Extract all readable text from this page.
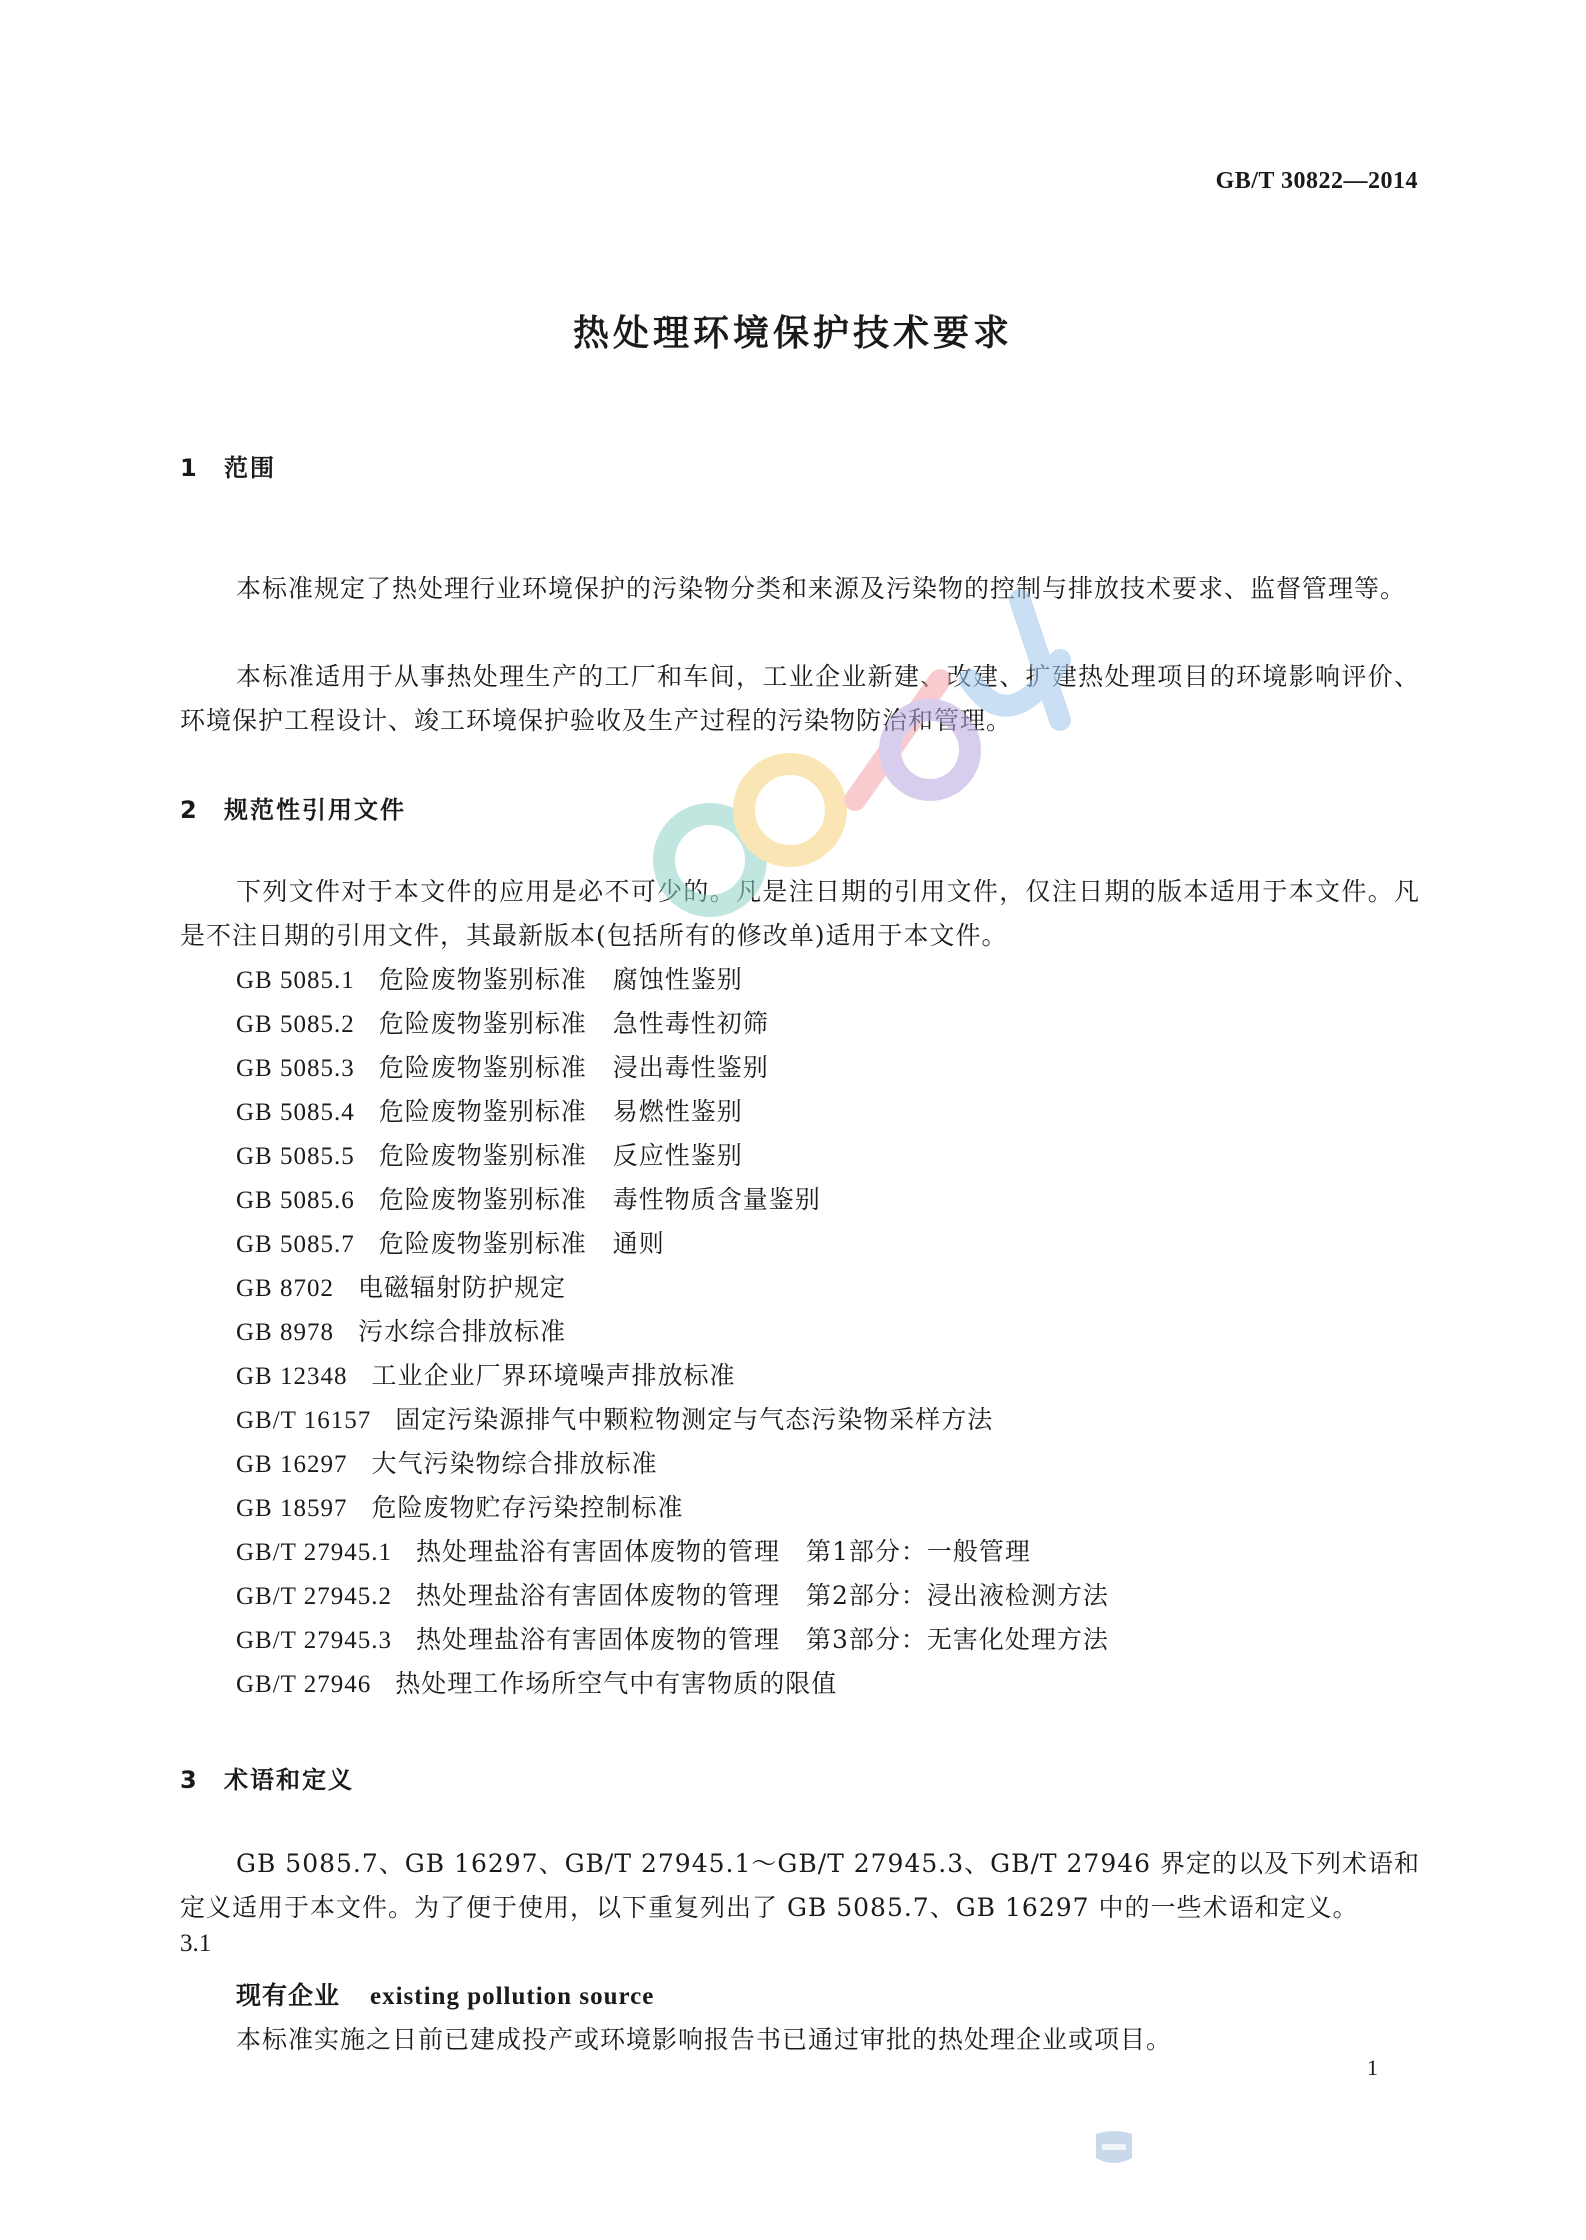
GB/T 30822—2014
热处理环境保护技术要求
1 范围
本标准规定了热处理行业环境保护的污染物分类和来源及污染物的控制与排放技术要求、监督管理等。
本标准适用于从事热处理生产的工厂和车间，工业企业新建、改建、扩建热处理项目的环境影响评价、环境保护工程设计、竣工环境保护验收及生产过程的污染物防治和管理。
2 规范性引用文件
下列文件对于本文件的应用是必不可少的。凡是注日期的引用文件，仅注日期的版本适用于本文件。凡是不注日期的引用文件，其最新版本(包括所有的修改单)适用于本文件。
GB 5085.1 危险废物鉴别标准 腐蚀性鉴别
GB 5085.2 危险废物鉴别标准 急性毒性初筛
GB 5085.3 危险废物鉴别标准 浸出毒性鉴别
GB 5085.4 危险废物鉴别标准 易燃性鉴别
GB 5085.5 危险废物鉴别标准 反应性鉴别
GB 5085.6 危险废物鉴别标准 毒性物质含量鉴别
GB 5085.7 危险废物鉴别标准 通则
GB 8702 电磁辐射防护规定
GB 8978 污水综合排放标准
GB 12348 工业企业厂界环境噪声排放标准
GB/T 16157 固定污染源排气中颗粒物测定与气态污染物采样方法
GB 16297 大气污染物综合排放标准
GB 18597 危险废物贮存污染控制标准
GB/T 27945.1 热处理盐浴有害固体废物的管理 第1部分：一般管理
GB/T 27945.2 热处理盐浴有害固体废物的管理 第2部分：浸出液检测方法
GB/T 27945.3 热处理盐浴有害固体废物的管理 第3部分：无害化处理方法
GB/T 27946 热处理工作场所空气中有害物质的限值
3 术语和定义
GB 5085.7、GB 16297、GB/T 27945.1～GB/T 27945.3、GB/T 27946 界定的以及下列术语和定义适用于本文件。为了便于使用，以下重复列出了 GB 5085.7、GB 16297 中的一些术语和定义。
3.1
现有企业 existing pollution source
本标准实施之日前已建成投产或环境影响报告书已通过审批的热处理企业或项目。
1
